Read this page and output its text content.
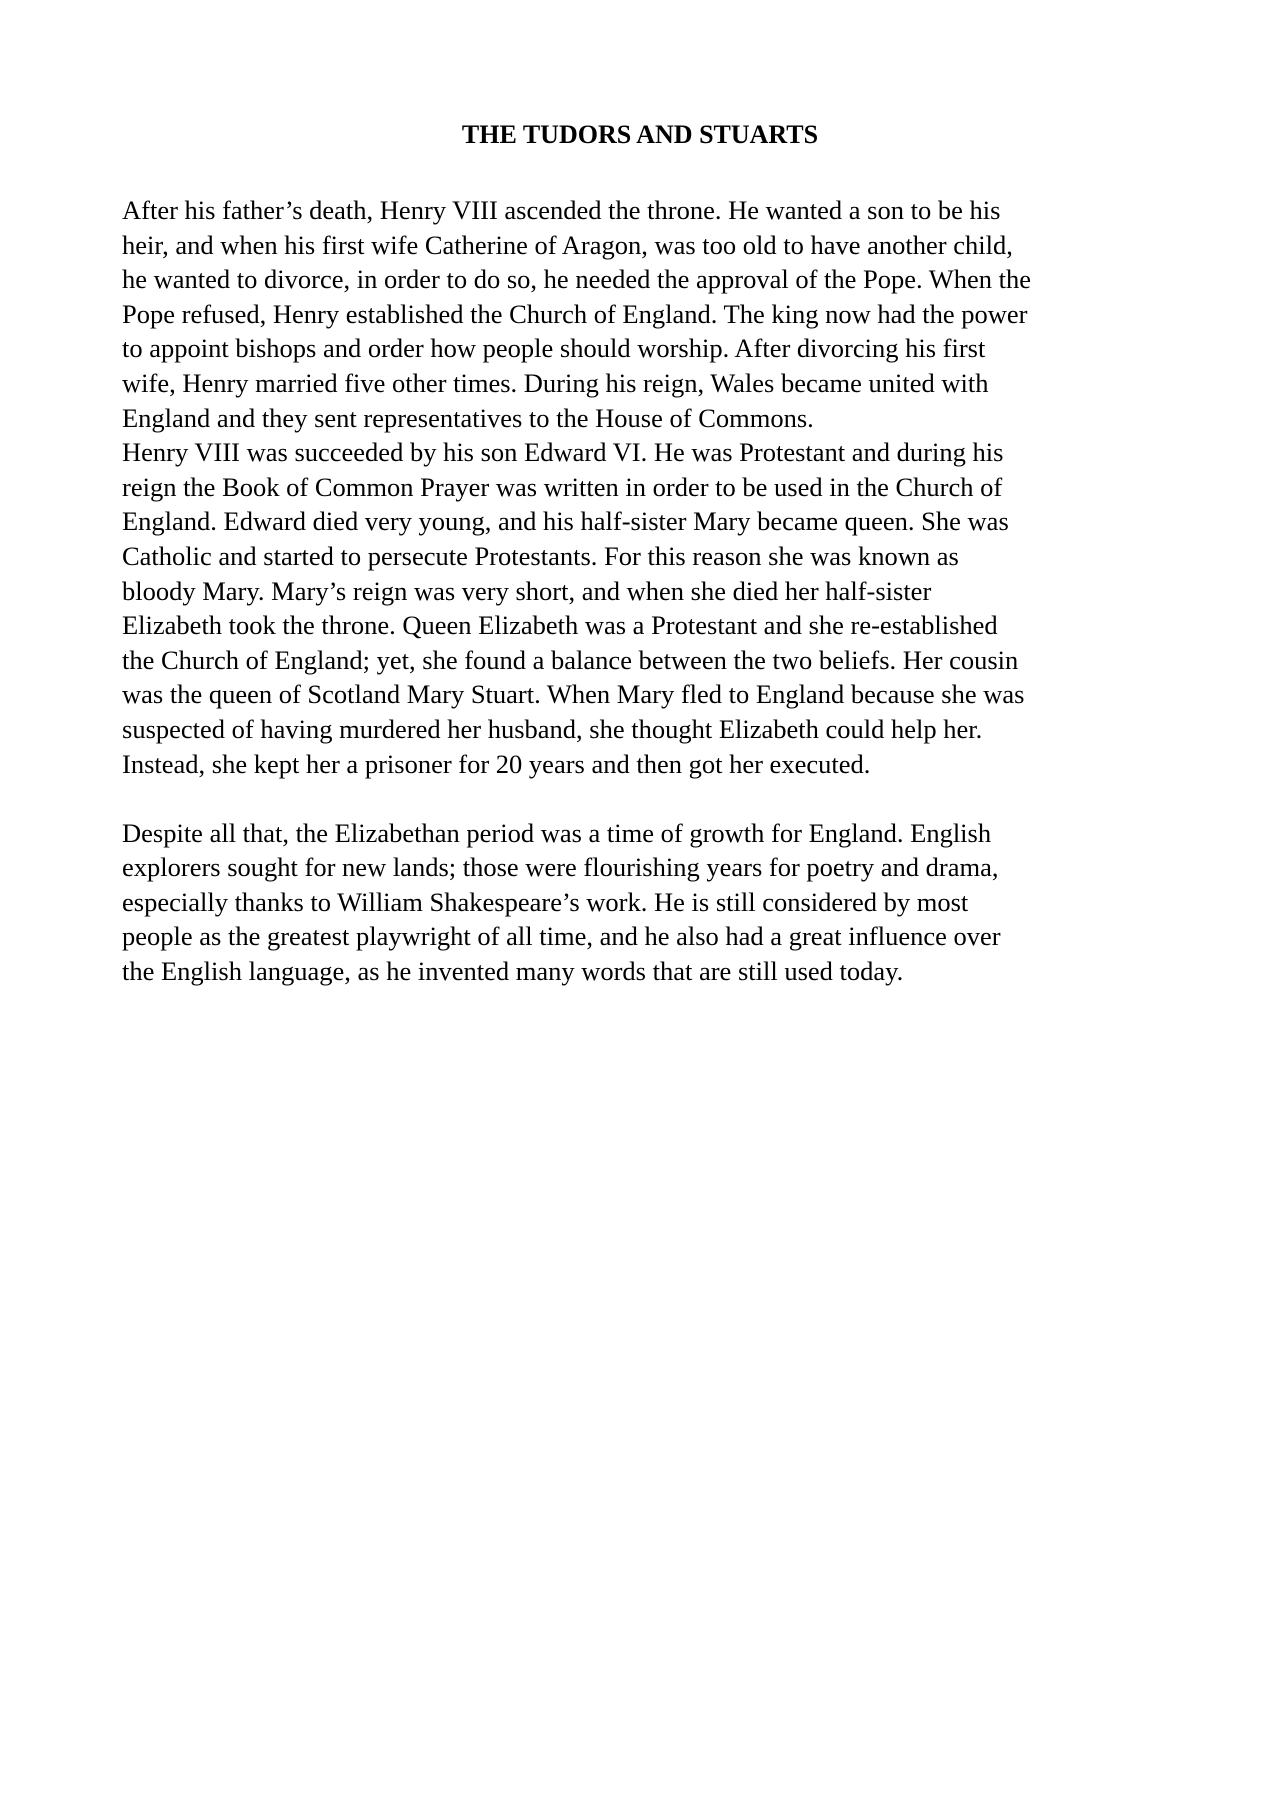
THE TUDORS AND STUARTS
After his father’s death, Henry VIII ascended the throne. He wanted a son to be his
heir, and when his first wife Catherine of Aragon, was too old to have another child,
he wanted to divorce, in order to do so, he needed the approval of the Pope. When the
Pope refused, Henry established the Church of England. The king now had the power
to appoint bishops and order how people should worship. After divorcing his first
wife, Henry married five other times. During his reign, Wales became united with
England and they sent representatives to the House of Commons.
Henry VIII was succeeded by his son Edward VI. He was Protestant and during his
reign the Book of Common Prayer was written in order to be used in the Church of
England. Edward died very young, and his half-sister Mary became queen. She was
Catholic and started to persecute Protestants. For this reason she was known as
bloody Mary. Mary’s reign was very short, and when she died her half-sister
Elizabeth took the throne. Queen Elizabeth was a Protestant and she re-established
the Church of England; yet, she found a balance between the two beliefs. Her cousin
was the queen of Scotland Mary Stuart. When Mary fled to England because she was
suspected of having murdered her husband, she thought Elizabeth could help her.
Instead, she kept her a prisoner for 20 years and then got her executed.
Despite all that, the Elizabethan period was a time of growth for England. English
explorers sought for new lands; those were flourishing years for poetry and drama,
especially thanks to William Shakespeare’s work. He is still considered by most
people as the greatest playwright of all time, and he also had a great influence over
the English language, as he invented many words that are still used today.
